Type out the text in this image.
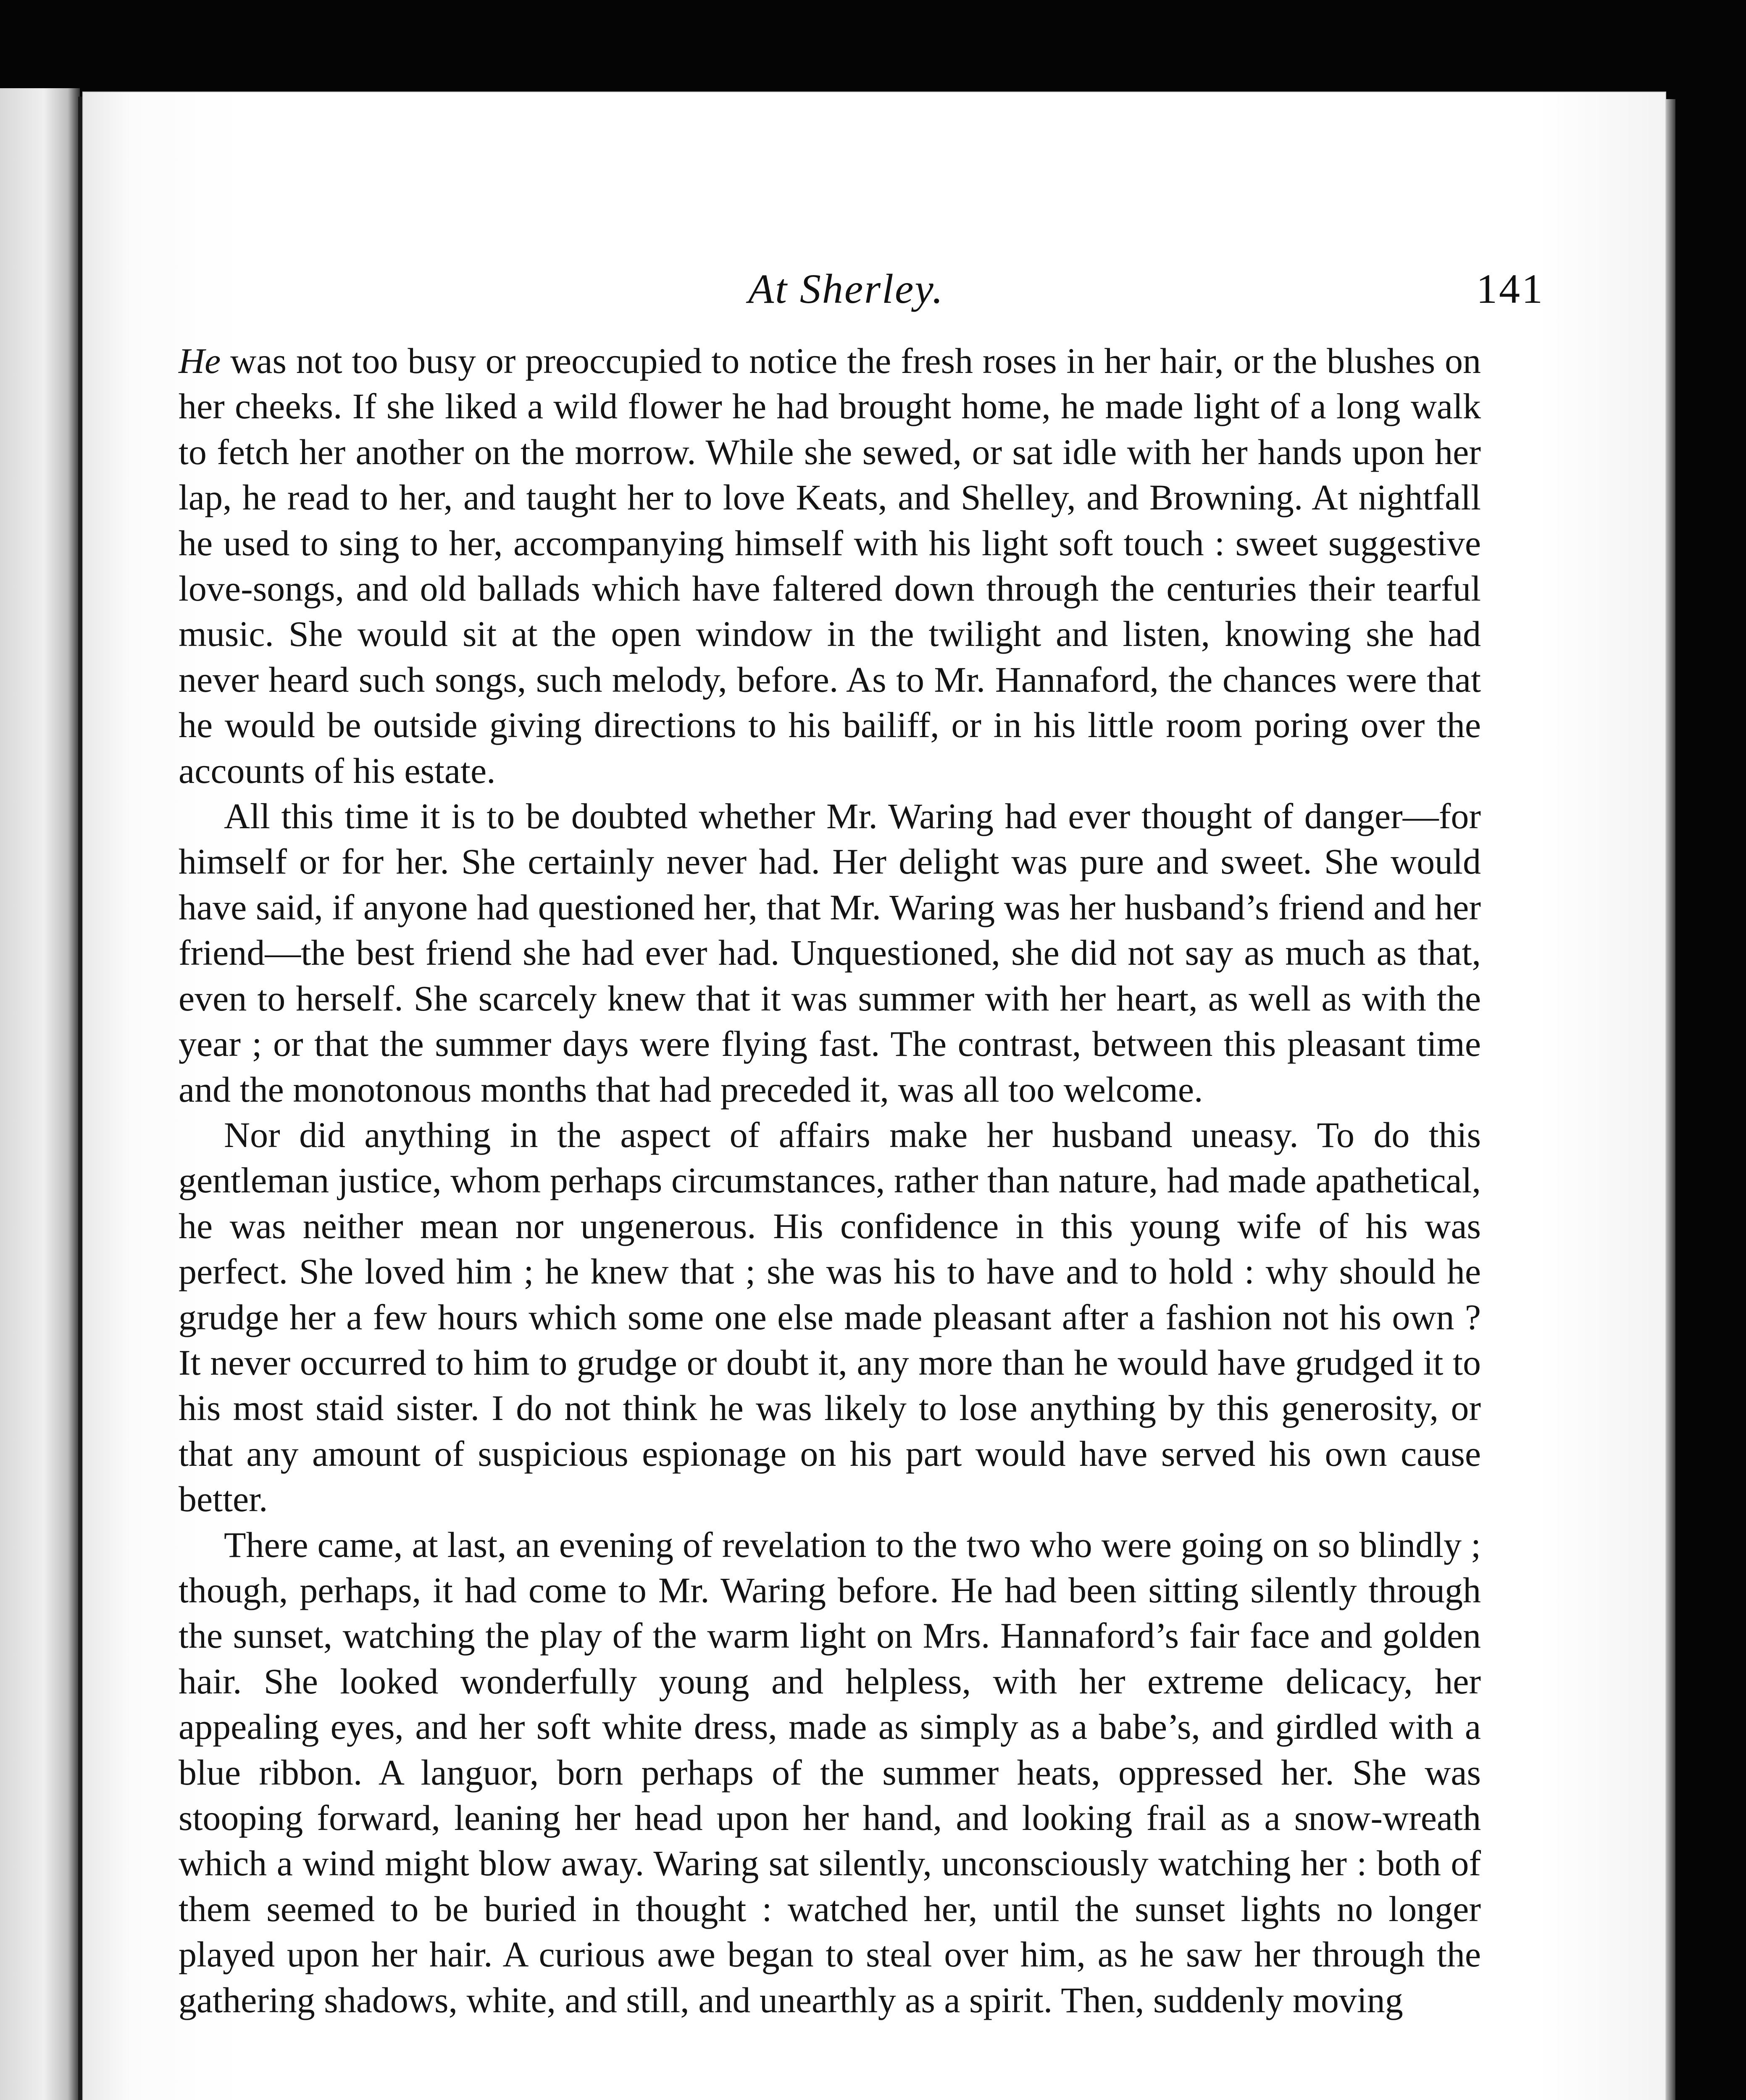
At Sherley.	141

He was not too busy or preoccupied to notice the fresh roses in her hair, or the blushes on her cheeks. If she liked a wild flower he had brought home, he made light of a long walk to fetch her another on the morrow. While she sewed, or sat idle with her hands upon her lap, he read to her, and taught her to love Keats, and Shelley, and Browning. At nightfall he used to sing to her, accompanying himself with his light soft touch : sweet suggestive love-songs, and old ballads which have faltered down through the centuries their tearful music. She would sit at the open window in the twilight and listen, knowing she had never heard such songs, such melody, before. As to Mr. Hannaford, the chances were that he would be outside giving directions to his bailiff, or in his little room poring over the accounts of his estate.

All this time it is to be doubted whether Mr. Waring had ever thought of danger—for himself or for her. She certainly never had. Her delight was pure and sweet. She would have said, if anyone had questioned her, that Mr. Waring was her husband’s friend and her friend—the best friend she had ever had. Unquestioned, she did not say as much as that, even to herself. She scarcely knew that it was summer with her heart, as well as with the year ; or that the summer days were flying fast. The contrast, between this pleasant time and the monotonous months that had preceded it, was all too welcome.

Nor did anything in the aspect of affairs make her husband uneasy. To do this gentleman justice, whom perhaps circumstances, rather than nature, had made apathetical, he was neither mean nor ungenerous. His confidence in this young wife of his was perfect. She loved him ; he knew that ; she was his to have and to hold : why should he grudge her a few hours which some one else made pleasant after a fashion not his own ? It never occurred to him to grudge or doubt it, any more than he would have grudged it to his most staid sister. I do not think he was likely to lose anything by this generosity, or that any amount of suspicious espionage on his part would have served his own cause better.

There came, at last, an evening of revelation to the two who were going on so blindly ; though, perhaps, it had come to Mr. Waring before. He had been sitting silently through the sunset, watching the play of the warm light on Mrs. Hannaford’s fair face and golden hair. She looked wonderfully young and helpless, with her extreme delicacy, her appealing eyes, and her soft white dress, made as simply as a babe’s, and girdled with a blue ribbon. A languor, born perhaps of the summer heats, oppressed her. She was stooping forward, leaning her head upon her hand, and looking frail as a snow-wreath which a wind might blow away. Waring sat silently, unconsciously watching her : both of them seemed to be buried in thought : watched her, until the sunset lights no longer played upon her hair. A curious awe began to steal over him, as he saw her through the gathering shadows, white, and still, and unearthly as a spirit. Then, suddenly moving
